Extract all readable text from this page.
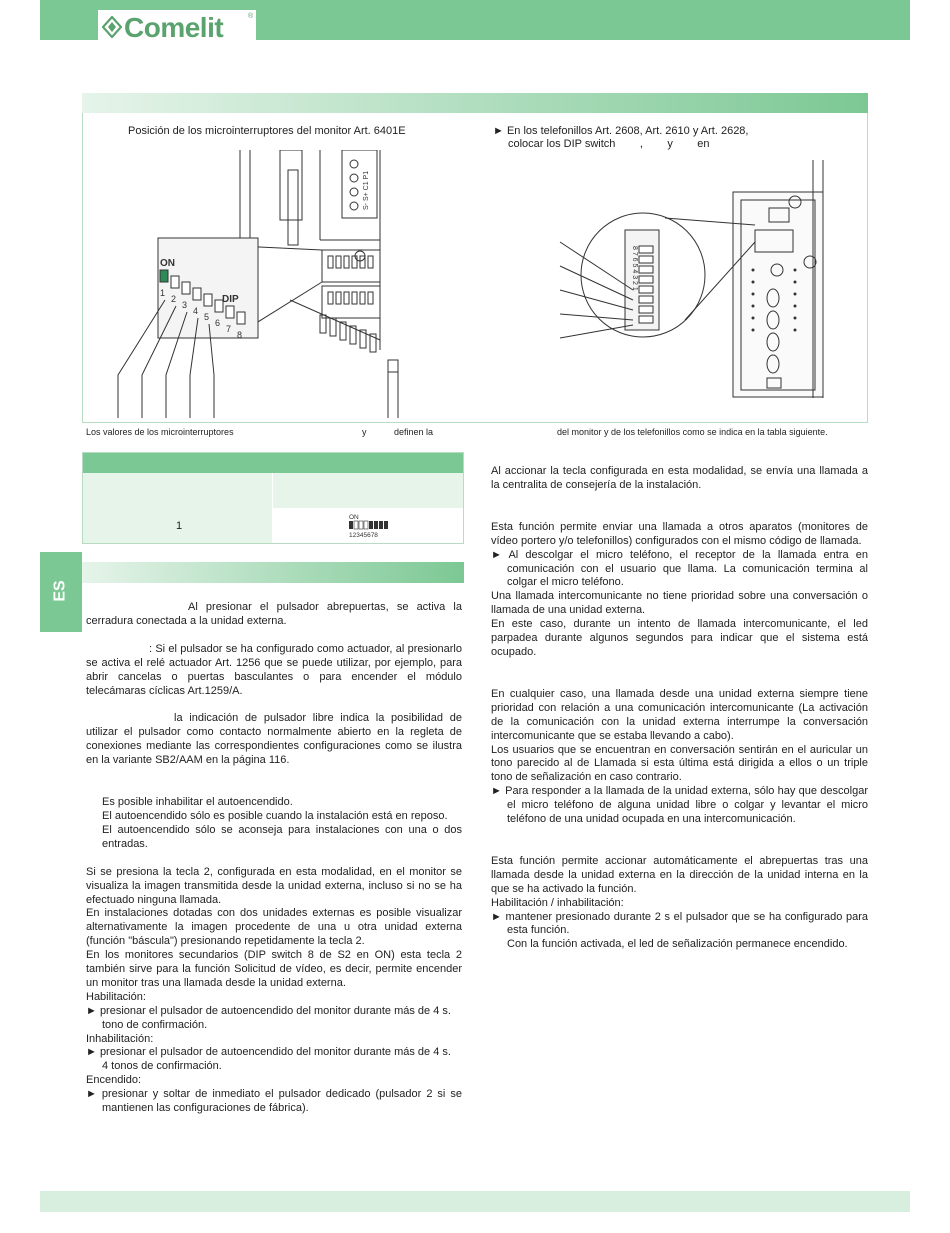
Comelit	®
Posición de los microinterruptores del monitor Art. 6401E	► En los telefonillos Art. 2608, Art. 2610 y Art. 2628,
colocar los DIP switch        ,        y        en
S- S+ C1 P1
ON
DIP
1
2
3
4
5
6
7
8
8 7 6 5 4 3 2 1
Los valores de los microinterruptores	y	definen la	del monitor y de los telefonillos como se indica en la tabla siguiente.
1
ON
12345678
ES

Al presionar el pulsador abrepuertas, se activa la cerradura conectada a la unidad externa.

: Si el pulsador se ha configurado como actuador, al presionarlo se activa el relé actuador Art. 1256 que se puede utilizar, por ejemplo, para abrir cancelas o puertas basculantes o para encender el módulo telecámaras cíclicas Art.1259/A.

la indicación de pulsador libre indica la posibilidad de utilizar el pulsador como contacto normalmente abierto en la regleta de conexiones mediante las correspondientes configuraciones como se ilustra en la variante SB2/AAM en la página 116.

Es posible inhabilitar el autoencendido.

El autoencendido sólo es posible cuando la instalación está en reposo.

El autoencendido sólo se aconseja para instalaciones con una o dos entradas.

Si se presiona la tecla 2, configurada en esta modalidad, en el monitor se visualiza la imagen transmitida desde la unidad externa, incluso si no se ha efectuado ninguna llamada.

En instalaciones dotadas con dos unidades externas es posible visualizar alternativamente la imagen procedente de una u otra unidad externa (función "báscula") presionando repetidamente la tecla 2.

En los monitores secundarios (DIP switch 8 de S2 en ON) esta tecla 2 también sirve para la función Solicitud de vídeo, es decir, permite encender un monitor tras una llamada desde la unidad externa.

Habilitación:

► presionar el pulsador de autoencendido del monitor durante más de 4 s.

tono de confirmación.

Inhabilitación:

► presionar el pulsador de autoencendido del monitor durante más de 4 s.

4 tonos de confirmación.

Encendido:

► presionar y soltar de inmediato el pulsador dedicado (pulsador 2 si se mantienen las configuraciones de fábrica).

Al accionar la tecla configurada en esta modalidad, se envía una llamada a la centralita de consejería de la instalación.

Esta función permite enviar una llamada a otros aparatos (monitores de vídeo portero y/o telefonillos) configurados con el mismo código de llamada.

► Al descolgar el micro teléfono, el receptor de la llamada entra en comunicación con el usuario que llama. La comunicación termina al colgar el micro teléfono.

Una llamada intercomunicante no tiene prioridad sobre una conversación o llamada de una unidad externa.

En este caso, durante un intento de llamada intercomunicante, el led parpadea durante algunos segundos para indicar que el sistema está ocupado.

En cualquier caso, una llamada desde una unidad externa siempre tiene prioridad con relación a una comunicación intercomunicante (La activación de la comunicación con la unidad externa interrumpe la conversación intercomunicante que se estaba llevando a cabo).

Los usuarios que se encuentran en conversación sentirán en el auricular un tono parecido al de Llamada si esta última está dirigida a ellos o un triple tono de señalización en caso contrario.

► Para responder a la llamada de la unidad externa, sólo hay que descolgar el micro teléfono de alguna unidad libre o colgar y levantar el micro teléfono de una unidad ocupada en una intercomunicación.

Esta función permite accionar automáticamente el abrepuertas tras una llamada desde la unidad externa en la dirección de la unidad interna en la que se ha activado la función.

Habilitación / inhabilitación:

► mantener presionado durante 2 s el pulsador que se ha configurado para esta función.

Con la función activada, el led de señalización permanece encendido.
